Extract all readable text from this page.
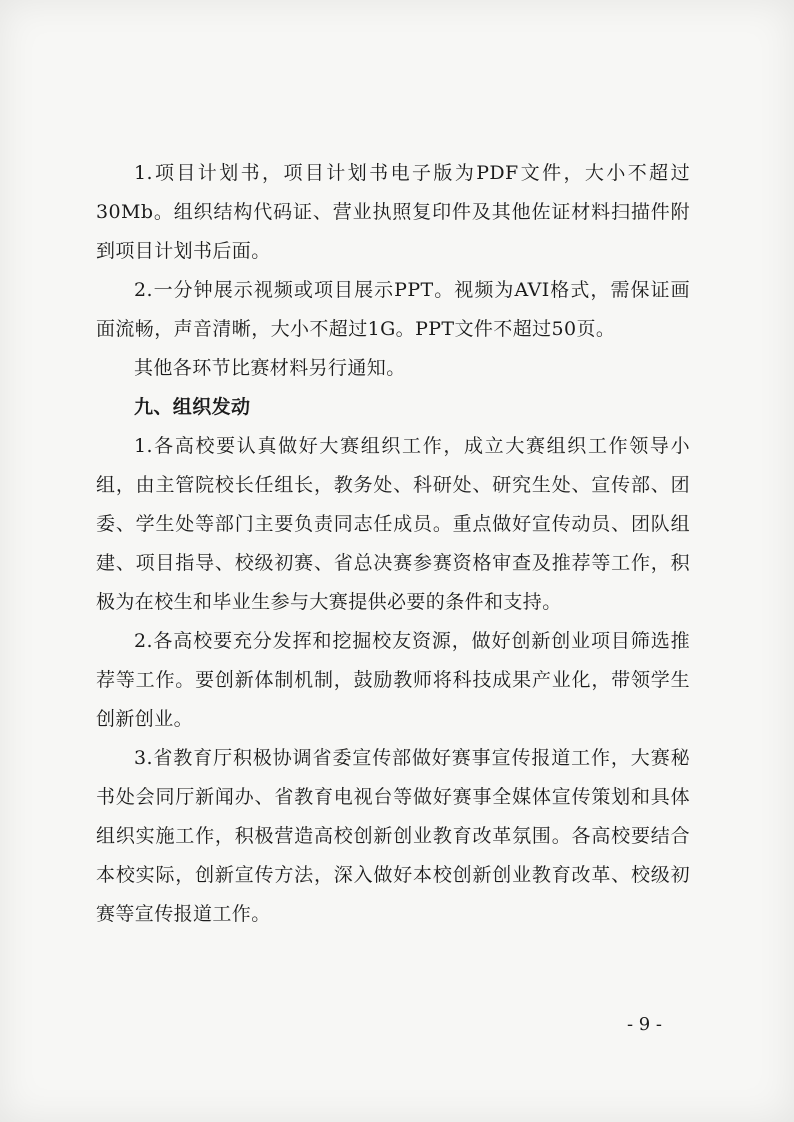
1.项目计划书，项目计划书电子版为PDF文件，大小不超过30Mb。组织结构代码证、营业执照复印件及其他佐证材料扫描件附到项目计划书后面。

2.一分钟展示视频或项目展示PPT。视频为AVI格式，需保证画面流畅，声音清晰，大小不超过1G。PPT文件不超过50页。

其他各环节比赛材料另行通知。

九、组织发动

1.各高校要认真做好大赛组织工作，成立大赛组织工作领导小组，由主管院校长任组长，教务处、科研处、研究生处、宣传部、团委、学生处等部门主要负责同志任成员。重点做好宣传动员、团队组建、项目指导、校级初赛、省总决赛参赛资格审查及推荐等工作，积极为在校生和毕业生参与大赛提供必要的条件和支持。

2.各高校要充分发挥和挖掘校友资源，做好创新创业项目筛选推荐等工作。要创新体制机制，鼓励教师将科技成果产业化，带领学生创新创业。

3.省教育厅积极协调省委宣传部做好赛事宣传报道工作，大赛秘书处会同厅新闻办、省教育电视台等做好赛事全媒体宣传策划和具体组织实施工作，积极营造高校创新创业教育改革氛围。各高校要结合本校实际，创新宣传方法，深入做好本校创新创业教育改革、校级初赛等宣传报道工作。

- 9 -
